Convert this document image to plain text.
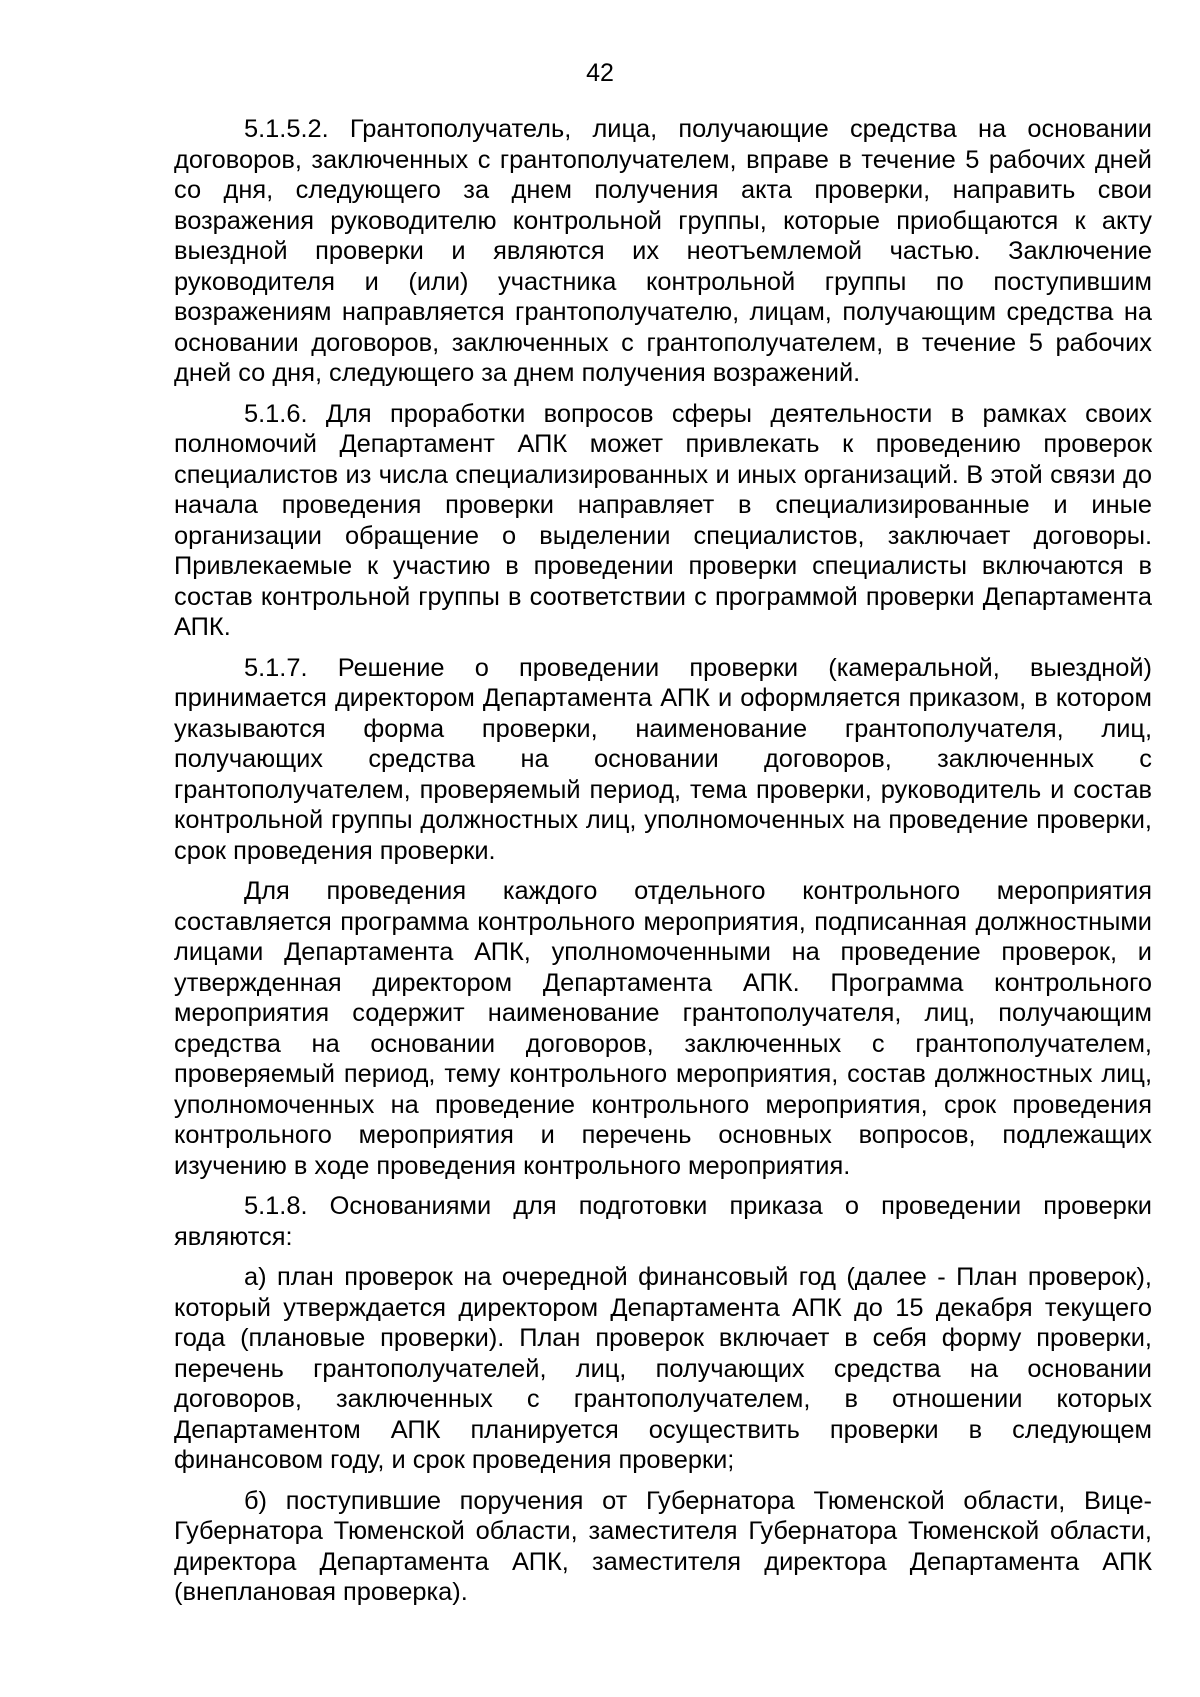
42

5.1.5.2. Грантополучатель, лица, получающие средства на основании договоров, заключенных с грантополучателем, вправе в течение 5 рабочих дней со дня, следующего за днем получения акта проверки, направить свои возражения руководителю контрольной группы, которые приобщаются к акту выездной проверки и являются их неотъемлемой частью. Заключение руководителя и (или) участника контрольной группы по поступившим возражениям направляется грантополучателю, лицам, получающим средства на основании договоров, заключенных с грантополучателем, в течение 5 рабочих дней со дня, следующего за днем получения возражений.

5.1.6. Для проработки вопросов сферы деятельности в рамках своих полномочий Департамент АПК может привлекать к проведению проверок специалистов из числа специализированных и иных организаций. В этой связи до начала проведения проверки направляет в специализированные и иные организации обращение о выделении специалистов, заключает договоры. Привлекаемые к участию в проведении проверки специалисты включаются в состав контрольной группы в соответствии с программой проверки Департамента АПК.

5.1.7. Решение о проведении проверки (камеральной, выездной) принимается директором Департамента АПК и оформляется приказом, в котором указываются форма проверки, наименование грантополучателя, лиц, получающих средства на основании договоров, заключенных с грантополучателем, проверяемый период, тема проверки, руководитель и состав контрольной группы должностных лиц, уполномоченных на проведение проверки, срок проведения проверки.

Для проведения каждого отдельного контрольного мероприятия составляется программа контрольного мероприятия, подписанная должностными лицами Департамента АПК, уполномоченными на проведение проверок, и утвержденная директором Департамента АПК. Программа контрольного мероприятия содержит наименование грантополучателя, лиц, получающим средства на основании договоров, заключенных с грантополучателем, проверяемый период, тему контрольного мероприятия, состав должностных лиц, уполномоченных на проведение контрольного мероприятия, срок проведения контрольного мероприятия и перечень основных вопросов, подлежащих изучению в ходе проведения контрольного мероприятия.

5.1.8. Основаниями для подготовки приказа о проведении проверки являются:

а) план проверок на очередной финансовый год (далее - План проверок), который утверждается директором Департамента АПК до 15 декабря текущего года (плановые проверки). План проверок включает в себя форму проверки, перечень грантополучателей, лиц, получающих средства на основании договоров, заключенных с грантополучателем, в отношении которых Департаментом АПК планируется осуществить проверки в следующем финансовом году, и срок проведения проверки;

б) поступившие поручения от Губернатора Тюменской области, Вице-Губернатора Тюменской области, заместителя Губернатора Тюменской области, директора Департамента АПК, заместителя директора Департамента АПК (внеплановая проверка).
